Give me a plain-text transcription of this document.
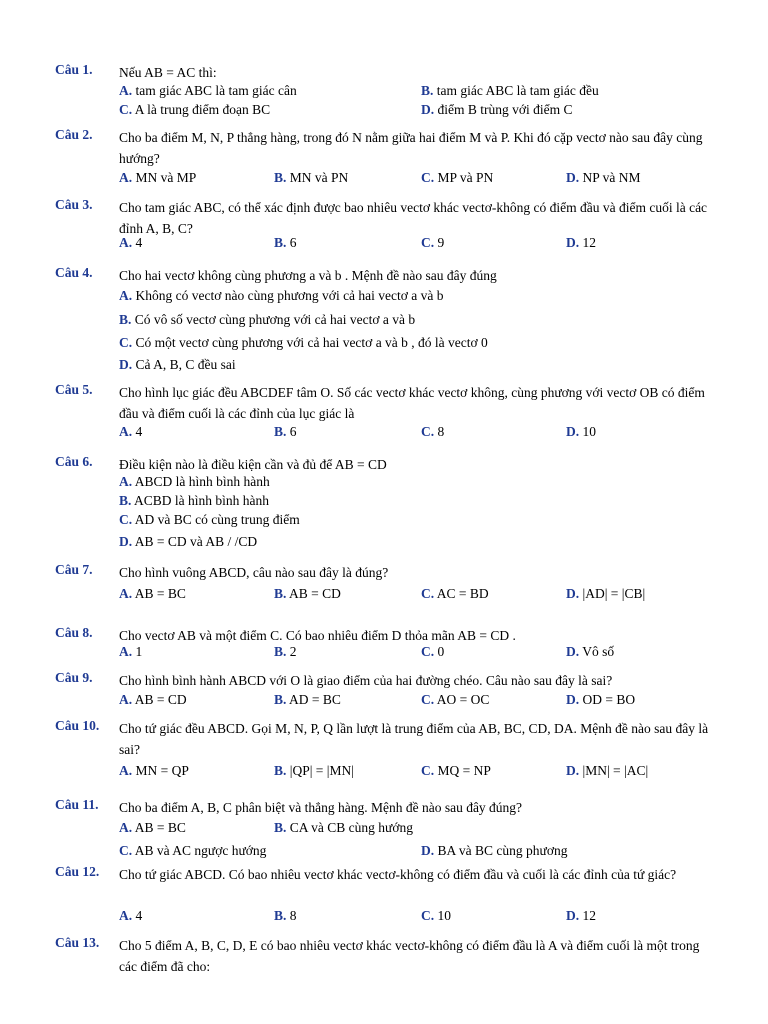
Câu 1. Nếu AB = AC thì:
A. tam giác ABC là tam giác cân	B. tam giác ABC là tam giác đều
C. A là trung điểm đoạn BC	D. điểm B trùng với điểm C
Câu 2. Cho ba điểm M, N, P thẳng hàng, trong đó N nằm giữa hai điểm M và P. Khi đó cặp vectơ nào sau đây cùng hướng?
A. MN và MP	B. MN và PN	C. MP và PN	D. NP và NM
Câu 3. Cho tam giác ABC, có thể xác định được bao nhiêu vectơ khác vectơ-không có điểm đầu và điểm cuối là các đỉnh A, B, C?
A. 4	B. 6	C. 9	D. 12
Câu 4. Cho hai vectơ không cùng phương a và b . Mệnh đề nào sau đây đúng
A. Không có vectơ nào cùng phương với cả hai vectơ a và b
B. Có vô số vectơ cùng phương với cả hai vectơ a và b
C. Có một vectơ cùng phương với cả hai vectơ a và b , đó là vectơ 0
D. Cả A, B, C đều sai
Câu 5. Cho hình lục giác đều ABCDEF tâm O. Số các vectơ khác vectơ không, cùng phương với vectơ OB có điểm đầu và điểm cuối là các đỉnh của lục giác là
A. 4	B. 6	C. 8	D. 10
Câu 6. Điều kiện nào là điều kiện cần và đủ để AB = CD
A. ABCD là hình bình hành
B. ACBD là hình bình hành
C. AD và BC có cùng trung điểm
D. AB = CD và AB / /CD
Câu 7. Cho hình vuông ABCD, câu nào sau đây là đúng?
A. AB = BC	B. AB = CD	C. AC = BD	D. |AD| = |CB|
Câu 8. Cho vectơ AB và một điểm C. Có bao nhiêu điểm D thỏa mãn AB = CD .
A. 1	B. 2	C. 0	D. Vô số
Câu 9. Cho hình bình hành ABCD với O là giao điểm của hai đường chéo. Câu nào sau đây là sai?
A. AB = CD	B. AD = BC	C. AO = OC	D. OD = BO
Câu 10. Cho tứ giác đều ABCD. Gọi M, N, P, Q lần lượt là trung điểm của AB, BC, CD, DA. Mệnh đề nào sau đây là sai?
A. MN = QP	B. |QP| = |MN|	C. MQ = NP	D. |MN| = |AC|
Câu 11. Cho ba điểm A, B, C phân biệt và thẳng hàng. Mệnh đề nào sau đây đúng?
A. AB = BC	B. CA và CB cùng hướng
C. AB và AC ngược hướng	D. BA và BC cùng phương
Câu 12. Cho tứ giác ABCD. Có bao nhiêu vectơ khác vectơ-không có điểm đầu và cuối là các đỉnh của tứ giác?
A. 4	B. 8	C. 10	D. 12
Câu 13. Cho 5 điểm A, B, C, D, E có bao nhiêu vectơ khác vectơ-không có điểm đầu là A và điểm cuối là một trong các điểm đã cho:
